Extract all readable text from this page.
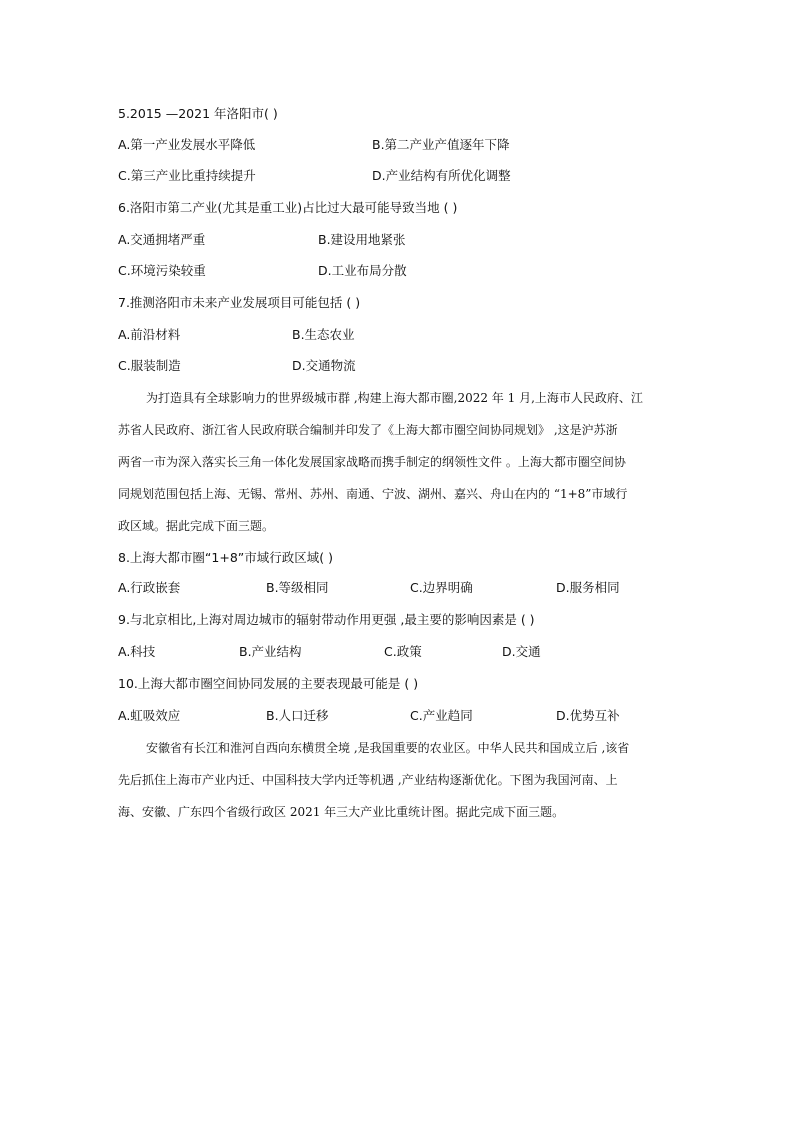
5.2015 —2021 年洛阳市( )
A.第一产业发展水平降低	B.第二产业产值逐年下降
C.第三产业比重持续提升	D.产业结构有所优化调整
6.洛阳市第二产业(尤其是重工业)占比过大最可能导致当地 ( )
A.交通拥堵严重	B.建设用地紧张
C.环境污染较重	D.工业布局分散
7.推测洛阳市未来产业发展项目可能包括 ( )
A.前沿材料	B.生态农业
C.服装制造	D.交通物流
为打造具有全球影响力的世界级城市群 ,构建上海大都市圈,2022 年 1 月,上海市人民政府、江
苏省人民政府、浙江省人民政府联合编制并印发了《上海大都市圈空间协同规划》 ,这是沪苏浙
两省一市为深入落实长三角一体化发展国家战略而携手制定的纲领性文件 。上海大都市圈空间协
同规划范围包括上海、无锡、常州、苏州、南通、宁波、湖州、嘉兴、舟山在内的 “1+8”市域行
政区域。据此完成下面三题。
8.上海大都市圈“1+8”市域行政区域( )
A.行政嵌套	B.等级相同	C.边界明确	D.服务相同
9.与北京相比,上海对周边城市的辐射带动作用更强 ,最主要的影响因素是 ( )
A.科技	B.产业结构	C.政策	D.交通
10.上海大都市圈空间协同发展的主要表现最可能是 ( )
A.虹吸效应	B.人口迁移	C.产业趋同	D.优势互补
安徽省有长江和淮河自西向东横贯全境 ,是我国重要的农业区。中华人民共和国成立后 ,该省
先后抓住上海市产业内迁、中国科技大学内迁等机遇 ,产业结构逐渐优化。下图为我国河南、上
海、安徽、广东四个省级行政区 2021 年三大产业比重统计图。据此完成下面三题。
